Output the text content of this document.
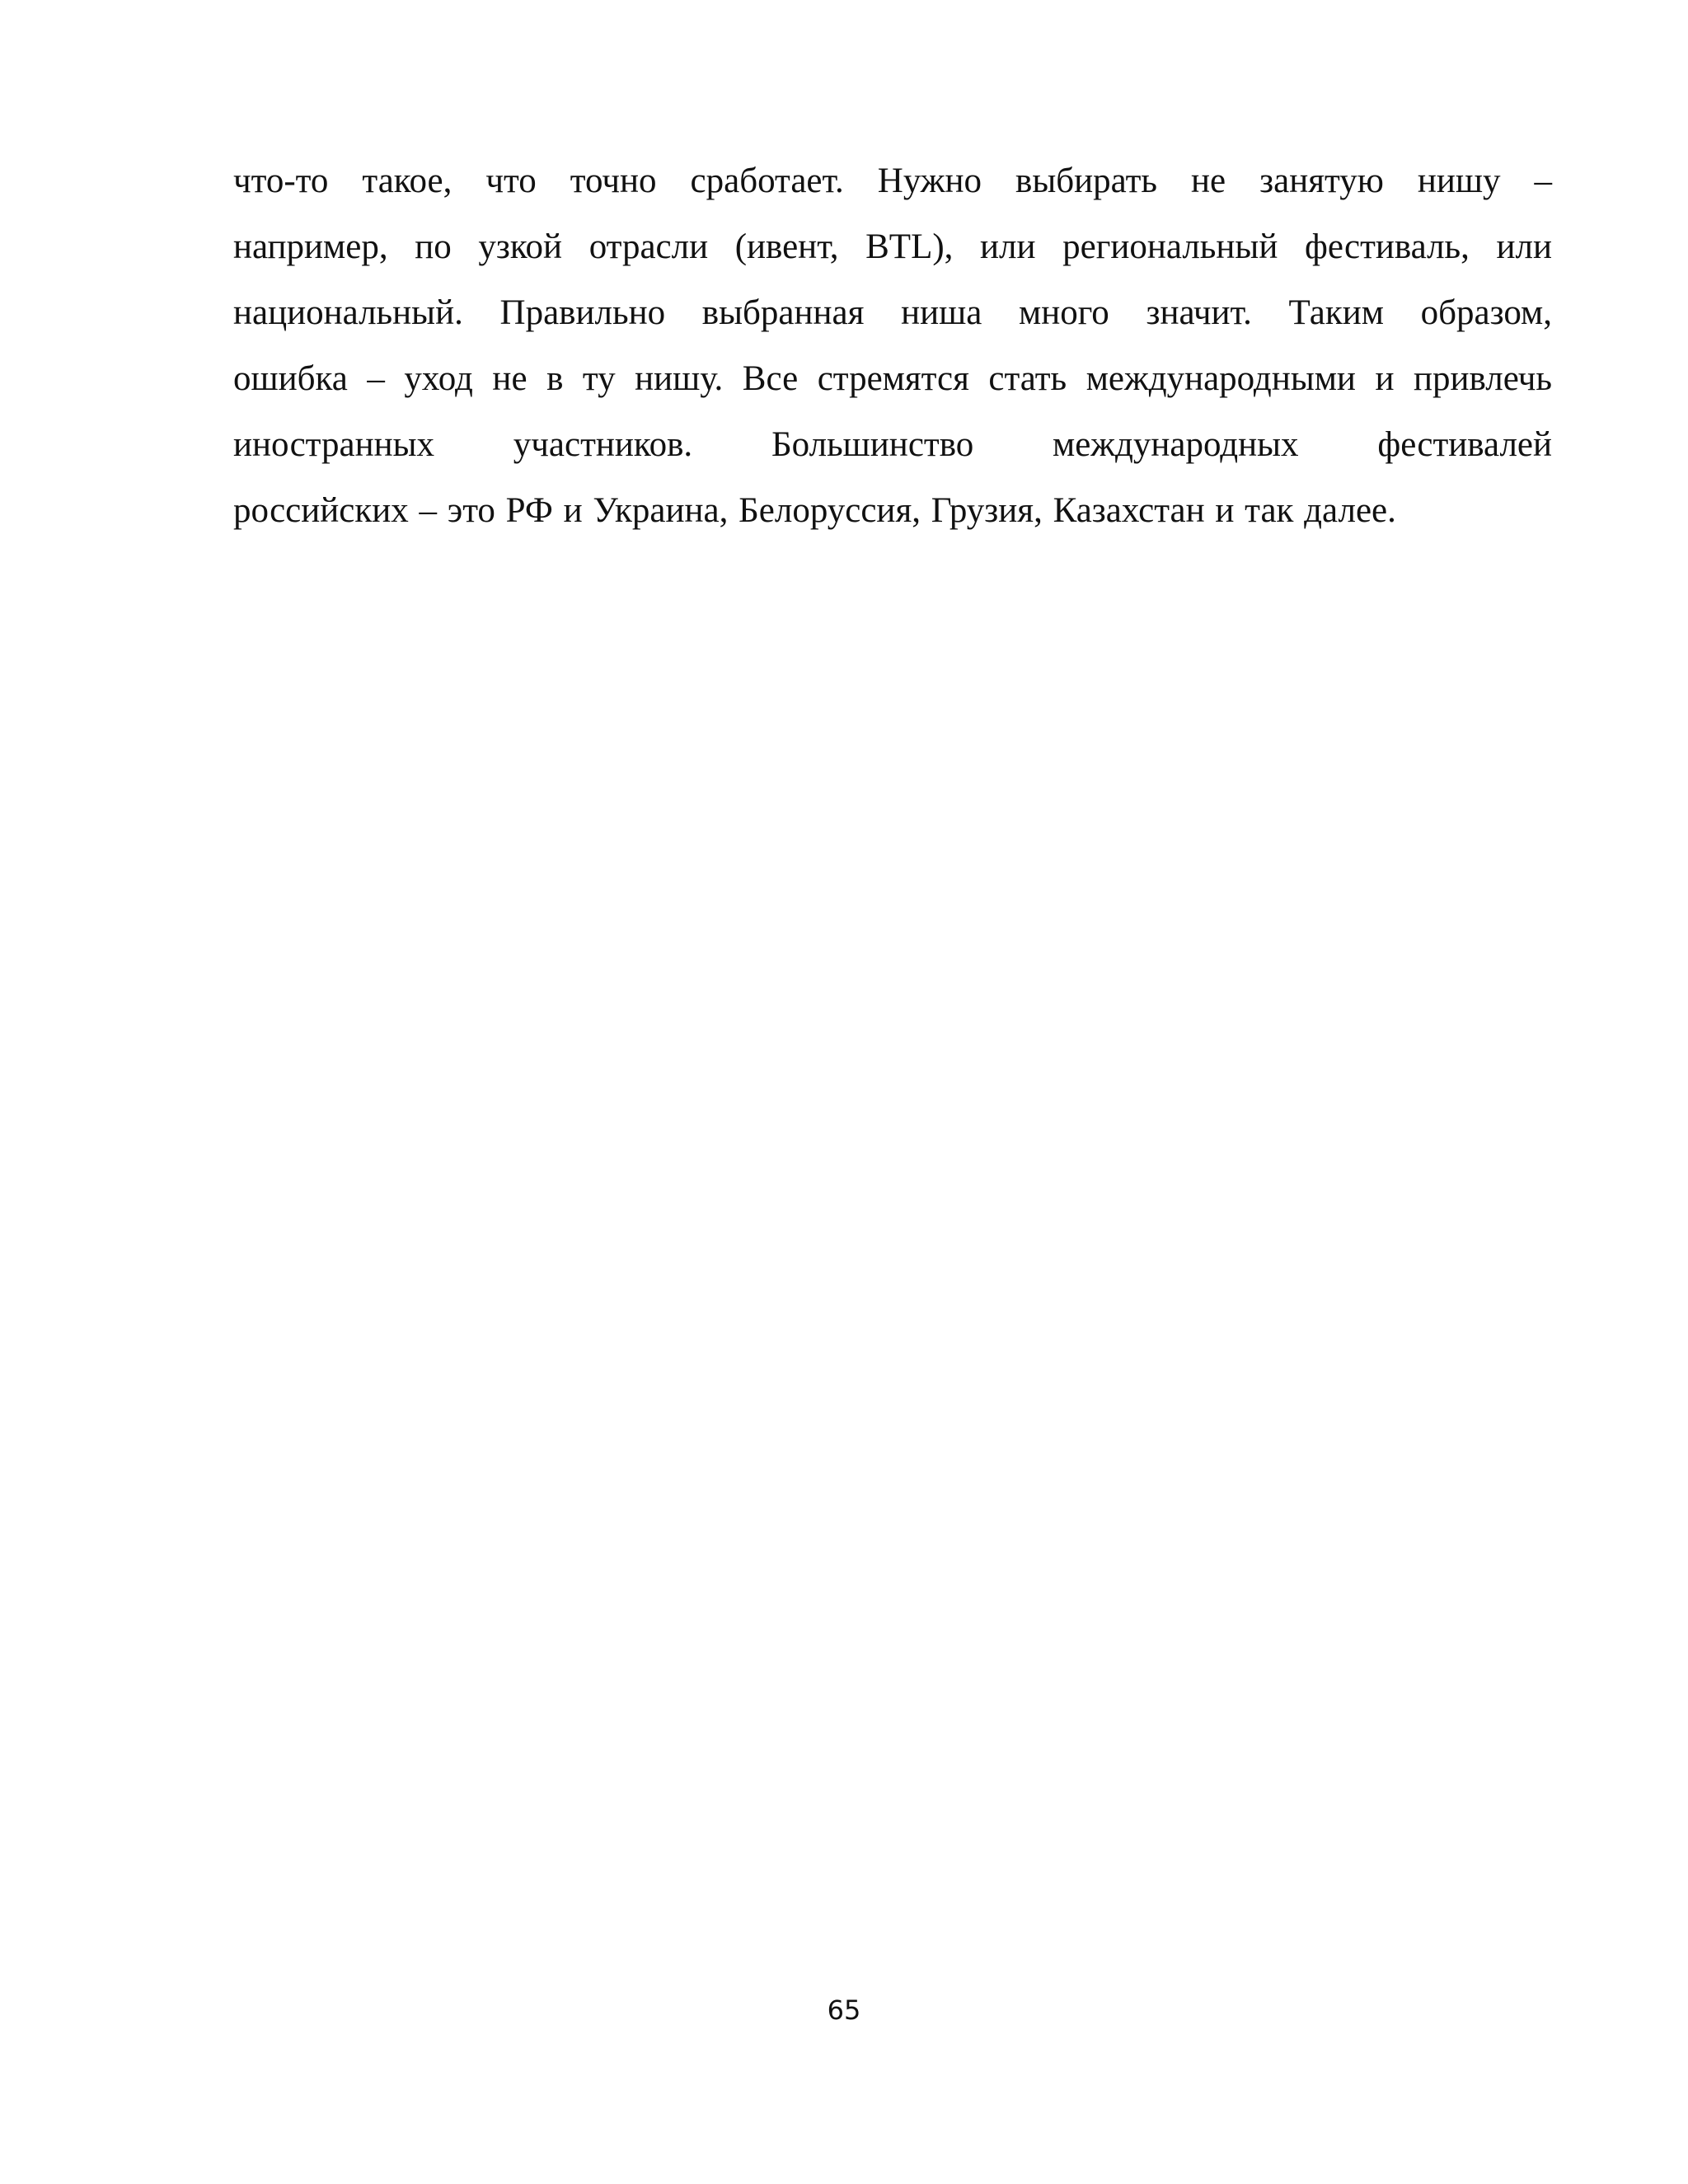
что-то такое, что точно сработает. Нужно выбирать не занятую нишу –
например, по узкой отрасли (ивент, BTL), или региональный фестиваль, или
национальный. Правильно выбранная ниша много значит. Таким образом,
ошибка – уход не в ту нишу. Все стремятся стать международными и привлечь
иностранных участников. Большинство международных фестивалей
российских – это РФ и Украина, Белоруссия, Грузия, Казахстан и так далее.
65
